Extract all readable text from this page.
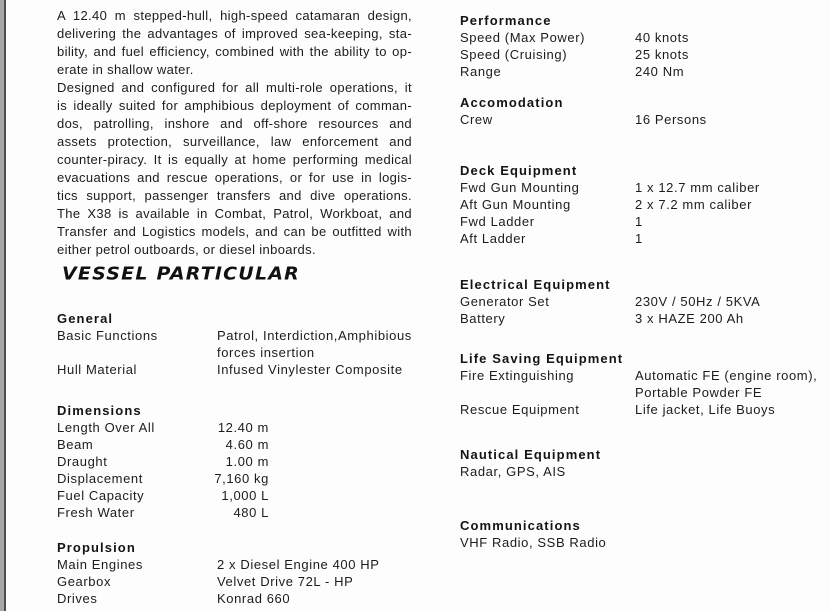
A 12.40 m stepped-hull, high-speed catamaran design,
delivering the advantages of improved sea-keeping, sta-
bility, and fuel efficiency, combined with the ability to op-
erate in shallow water.
Designed and configured for all multi-role operations, it
is ideally suited for amphibious deployment of comman-
dos, patrolling, inshore and off-shore resources and
assets protection, surveillance, law enforcement and
counter-piracy. It is equally at home performing medical
evacuations and rescue operations, or for use in logis-
tics support, passenger transfers and dive operations.
The X38 is available in Combat, Patrol, Workboat, and
Transfer and Logistics models, and can be outfitted with
either petrol outboards, or diesel inboards.
VESSEL PARTICULAR
General
Basic Functions	Patrol, Interdiction,Amphibious
forces insertion
Hull Material	Infused Vinylester Composite
Dimensions
Length Over All	12.40 m
Beam	4.60 m
Draught	1.00 m
Displacement	7,160 kg
Fuel Capacity	1,000 L
Fresh Water	480 L
Propulsion
Main Engines	2 x Diesel Engine 400 HP
Gearbox	Velvet Drive 72L - HP
Drives	Konrad 660
Performance
Speed (Max Power)	40 knots
Speed (Cruising)	25 knots
Range	240 Nm
Accomodation
Crew	16 Persons
Deck Equipment
Fwd Gun Mounting	1 x 12.7 mm caliber
Aft Gun Mounting	2 x 7.2 mm caliber
Fwd Ladder	1
Aft Ladder	1
Electrical Equipment
Generator Set	230V / 50Hz / 5KVA
Battery	3 x HAZE 200 Ah
Life Saving Equipment
Fire Extinguishing	Automatic FE (engine room),
Portable Powder FE
Rescue Equipment	Life jacket, Life Buoys
Nautical Equipment
Radar, GPS, AIS
Communications
VHF Radio, SSB Radio
